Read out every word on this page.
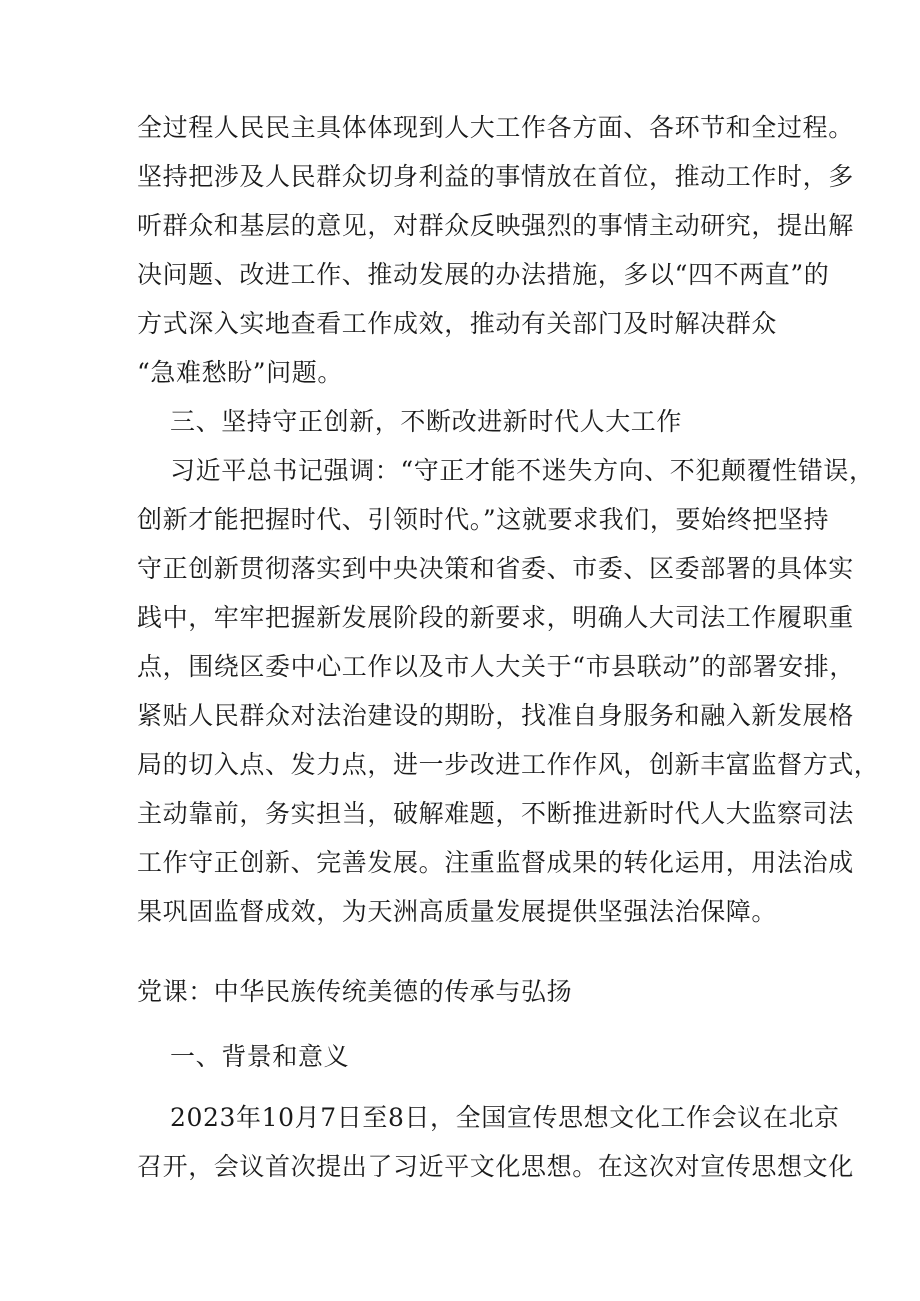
全过程人民民主具体体现到人大工作各方面、各环节和全过程。
坚持把涉及人民群众切身利益的事情放在首位，推动工作时，多
听群众和基层的意见，对群众反映强烈的事情主动研究，提出解
决问题、改进工作、推动发展的办法措施，多以“四不两直”的
方式深入实地查看工作成效，推动有关部门及时解决群众
“急难愁盼”问题。
三、坚持守正创新，不断改进新时代人大工作
习近平总书记强调：“守正才能不迷失方向、不犯颠覆性错误，
创新才能把握时代、引领时代。”这就要求我们，要始终把坚持
守正创新贯彻落实到中央决策和省委、市委、区委部署的具体实
践中，牢牢把握新发展阶段的新要求，明确人大司法工作履职重
点，围绕区委中心工作以及市人大关于“市县联动”的部署安排，
紧贴人民群众对法治建设的期盼，找准自身服务和融入新发展格
局的切入点、发力点，进一步改进工作作风，创新丰富监督方式，
主动靠前，务实担当，破解难题，不断推进新时代人大监察司法
工作守正创新、完善发展。注重监督成果的转化运用，用法治成
果巩固监督成效，为天洲高质量发展提供坚强法治保障。
党课：中华民族传统美德的传承与弘扬
一、背景和意义
2023年10月7日至8日，全国宣传思想文化工作会议在北京
召开，会议首次提出了习近平文化思想。在这次对宣传思想文化
